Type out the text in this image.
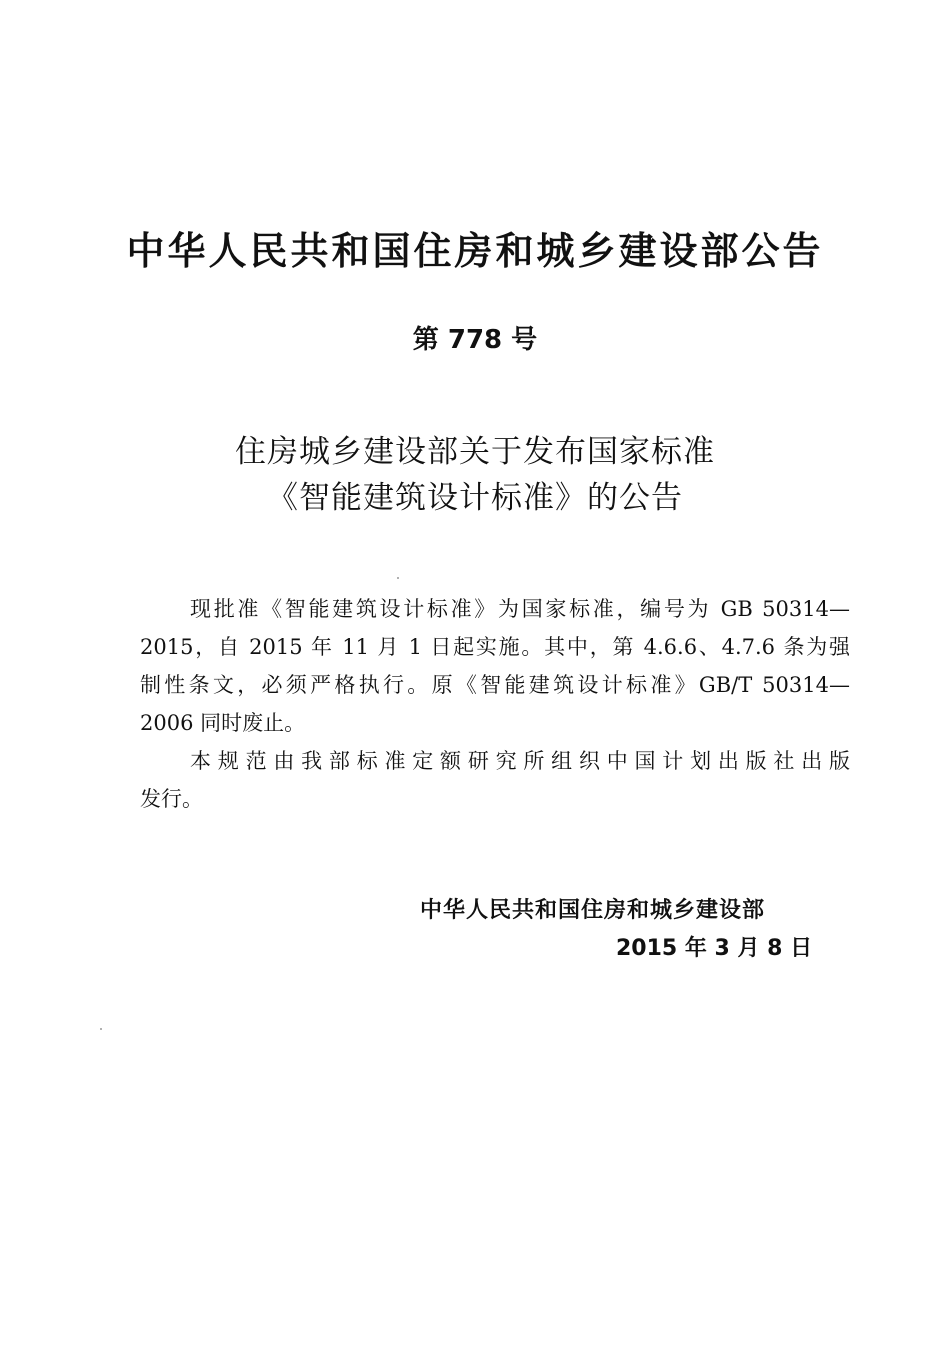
中华人民共和国住房和城乡建设部公告
第 778 号
住房城乡建设部关于发布国家标准
《智能建筑设计标准》的公告
现批准《智能建筑设计标准》为国家标准，编号为 GB 50314—
2015，自 2015 年 11 月 1 日起实施。其中，第 4.6.6、4.7.6 条为强
制性条文，必须严格执行。原《智能建筑设计标准》GB/T 50314—
2006 同时废止。
本规范由我部标准定额研究所组织中国计划出版社出版
发行。
中华人民共和国住房和城乡建设部
2015 年 3 月 8 日
